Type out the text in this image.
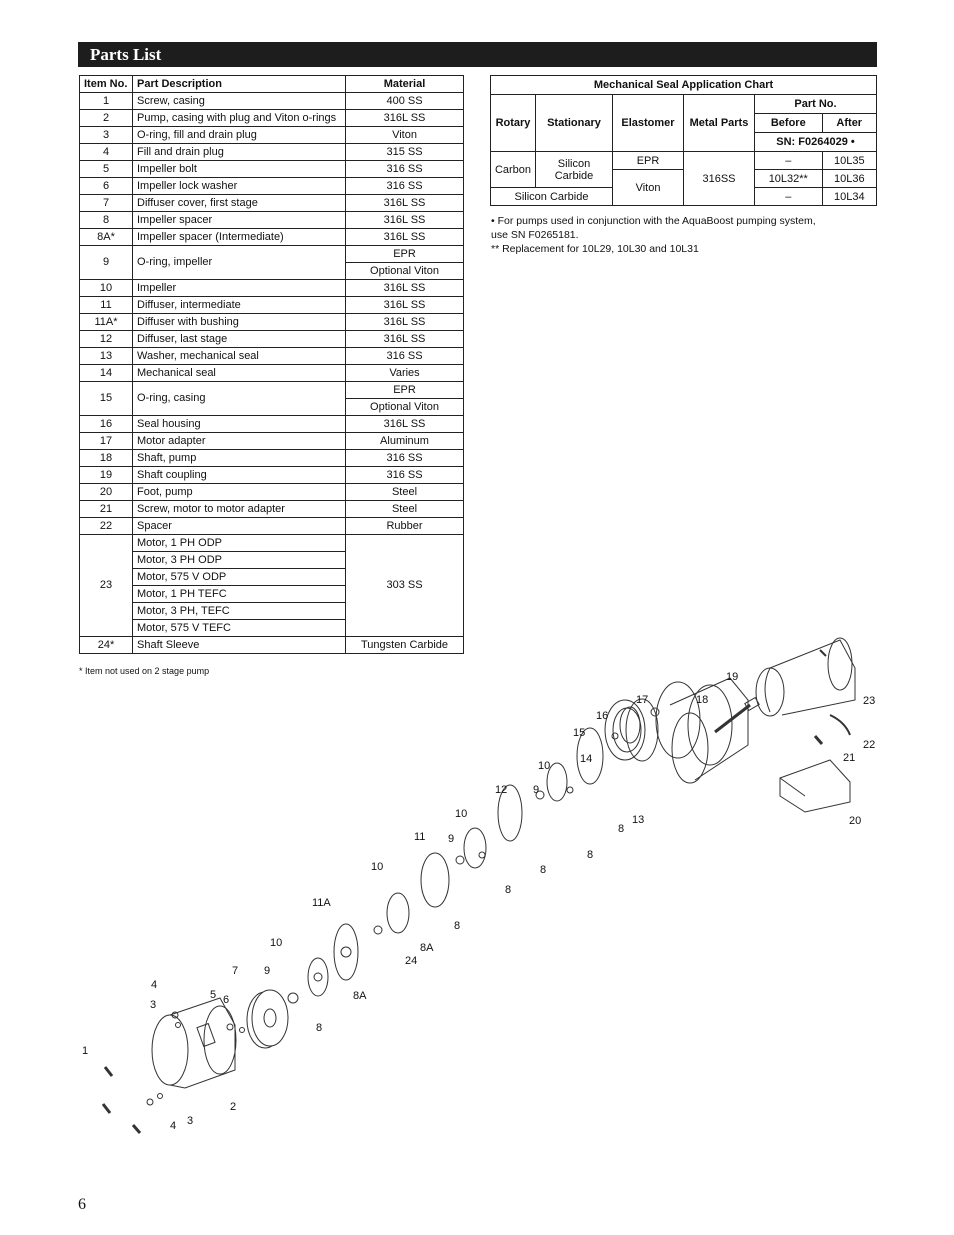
Parts List
Item No.	Part Description	Material
1	Screw, casing	400 SS
2	Pump, casing with plug and Viton o-rings	316L SS
3	O-ring, fill and drain plug	Viton
4	Fill and drain plug	315 SS
5	Impeller bolt	316 SS
6	Impeller lock washer	316 SS
7	Diffuser cover, first stage	316L SS
8	Impeller spacer	316L SS
8A*	Impeller spacer (Intermediate)	316L SS
9	O-ring, impeller	EPR
		Optional Viton
10	Impeller	316L SS
11	Diffuser, intermediate	316L SS
11A*	Diffuser with bushing	316L SS
12	Diffuser, last stage	316L SS
13	Washer, mechanical seal	316 SS
14	Mechanical seal	Varies
15	O-ring, casing	EPR
		Optional Viton
16	Seal housing	316L SS
17	Motor adapter	Aluminum
18	Shaft, pump	316 SS
19	Shaft coupling	316 SS
20	Foot, pump	Steel
21	Screw, motor to motor adapter	Steel
22	Spacer	Rubber
23	Motor, 1 PH ODP	303 SS
	Motor, 3 PH ODP	
	Motor, 575 V ODP	
	Motor, 1 PH TEFC	
	Motor, 3 PH, TEFC	
	Motor, 575 V TEFC	
24*	Shaft Sleeve	Tungsten Carbide
* Item not used on 2 stage pump
Mechanical Seal Application Chart					
Rotary	Stationary	Elastomer	Metal Parts	Part No.	
				Before	After
				SN: F0264029 •	
Carbon	Silicon Carbide	EPR	316SS	–	10L35
		Viton		10L32**	10L36
Silicon Carbide				–	10L34
• For pumps used in conjunction with the AquaBoost pumping system,
use SN F0265181.
** Replacement for 10L29, 10L30 and 10L31
1
2
3
4
3
4
5 6
7 9
10
8
8A
11A
24
8A
10
8
11 9
8
10
8
12 9
8
10
14
8
13
15
16
17	18
19
23
22
21
20
6
